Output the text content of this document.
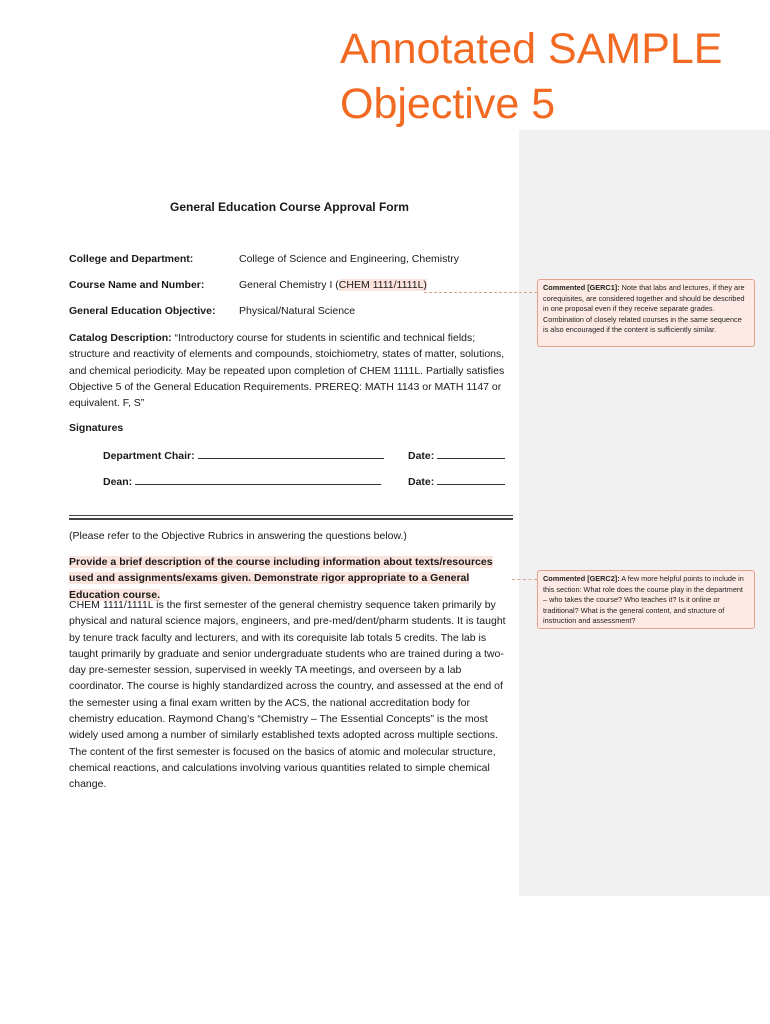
Annotated SAMPLE
Objective 5
General Education Course Approval Form
College and Department:	College of Science and Engineering, Chemistry
Course Name and Number:	General Chemistry I (CHEM 1111/1111L)
General Education Objective: Physical/Natural Science
Catalog Description: “Introductory course for students in scientific and technical fields; structure and reactivity of elements and compounds, stoichiometry, states of matter, solutions, and chemical periodicity. May be repeated upon completion of CHEM 1111L. Partially satisfies Objective 5 of the General Education Requirements. PREREQ: MATH 1143 or MATH 1147 or equivalent. F, S”
Signatures
Department Chair:	Date:
Dean:	Date:
(Please refer to the Objective Rubrics in answering the questions below.)
Provide a brief description of the course including information about texts/resources used and assignments/exams given. Demonstrate rigor appropriate to a General Education course.
CHEM 1111/1111L is the first semester of the general chemistry sequence taken primarily by physical and natural science majors, engineers, and pre-med/dent/pharm students. It is taught by tenure track faculty and lecturers, and with its corequisite lab totals 5 credits. The lab is taught primarily by graduate and senior undergraduate students who are trained during a two-day pre-semester session, supervised in weekly TA meetings, and overseen by a lab coordinator. The course is highly standardized across the country, and assessed at the end of the semester using a final exam written by the ACS, the national accreditation body for chemistry education. Raymond Chang’s “Chemistry – The Essential Concepts” is the most widely used among a number of similarly established texts adopted across multiple sections. The content of the first semester is focused on the basics of atomic and molecular structure, chemical reactions, and calculations involving various quantities related to simple chemical change.
Commented [GERC1]: Note that labs and lectures, if they are corequisites, are considered together and should be described in one proposal even if they receive separate grades. Combination of closely related courses in the same sequence is also encouraged if the content is sufficiently similar.
Commented [GERC2]: A few more helpful points to include in this section: What role does the course play in the department – who takes the course? Who teaches it? Is it online or traditional? What is the general content, and structure of instruction and assessment?
